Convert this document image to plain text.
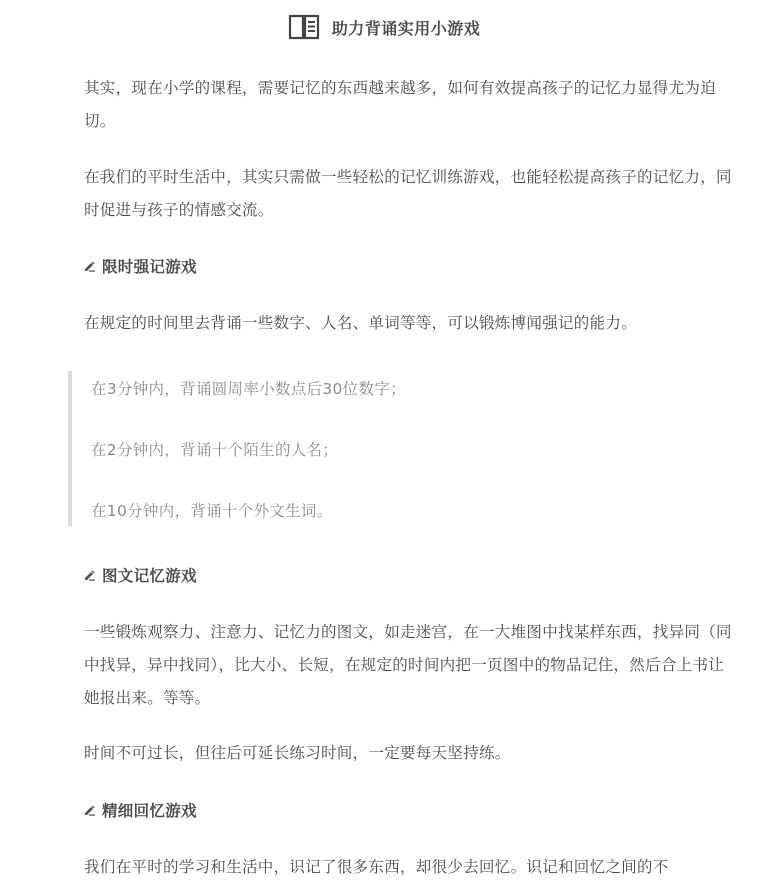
助力背诵实用小游戏

其实，现在小学的课程，需要记忆的东西越来越多，如何有效提高孩子的记忆力显得尤为迫切。

在我们的平时生活中，其实只需做一些轻松的记忆训练游戏，也能轻松提高孩子的记忆力，同时促进与孩子的情感交流。

限时强记游戏

在规定的时间里去背诵一些数字、人名、单词等等，可以锻炼博闻强记的能力。

在3分钟内，背诵圆周率小数点后30位数字；
在2分钟内，背诵十个陌生的人名；
在10分钟内，背诵十个外文生词。
图文记忆游戏

一些锻炼观察力、注意力、记忆力的图文，如走迷宫，在一大堆图中找某样东西，找异同（同中找异，异中找同），比大小、长短，在规定的时间内把一页图中的物品记住，然后合上书让她报出来。等等。

时间不可过长，但往后可延长练习时间，一定要每天坚持练。

精细回忆游戏

我们在平时的学习和生活中，识记了很多东西，却很少去回忆。识记和回忆之间的不
